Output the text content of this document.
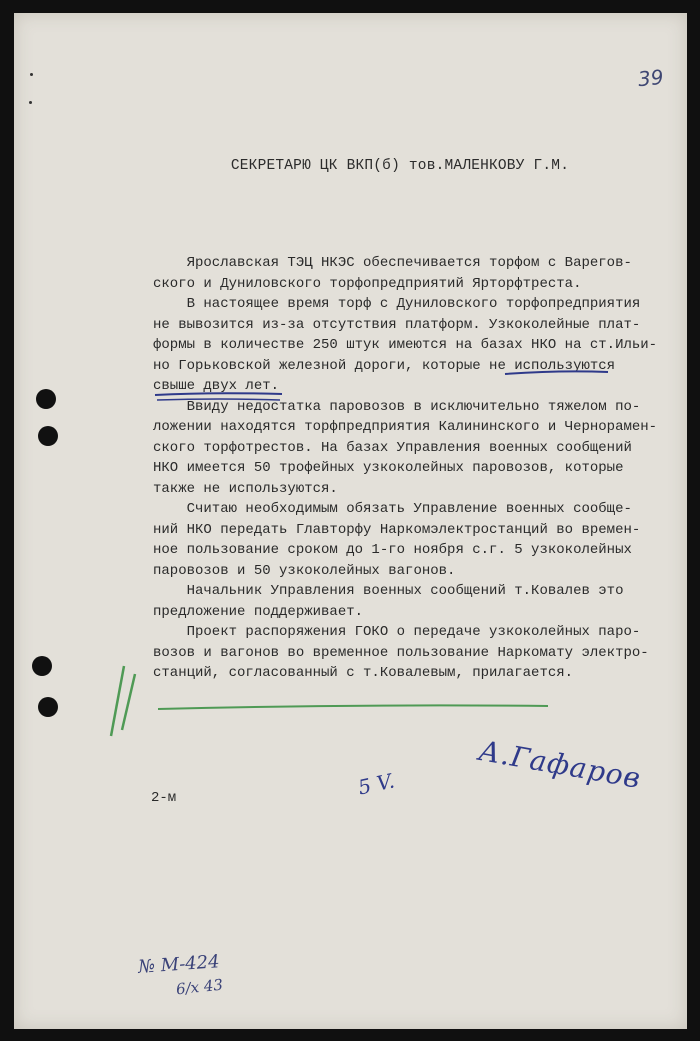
39
СЕКРЕТАРЮ ЦК ВКП(б) тов.МАЛЕНКОВУ Г.М.

Ярославская ТЭЦ НКЭС обеспечивается торфом с Варегов-

ского и Дуниловского торфопредприятий Ярторфтреста.

В настоящее время торф с Дуниловского торфопредприятия

не вывозится из-за отсутствия платформ. Узкоколейные плат-

формы в количестве 250 штук имеются на базах НКО на ст.Ильи-

но Горьковской железной дороги, которые не используются

свыше двух лет.

Ввиду недостатка паровозов в исключительно тяжелом по-

ложении находятся торфпредприятия Калининского и Чернорамен-

ского торфотрестов. На базах Управления военных сообщений

НКО имеется 50 трофейных узкоколейных паровозов, которые

также не используются.

Считаю необходимым обязать Управление военных сообще-

ний НКО передать Главторфу Наркомэлектростанций во времен-

ное пользование сроком до 1-го ноября с.г. 5 узкоколейных

паровозов и 50 узкоколейных вагонов.

Начальник Управления военных сообщений т.Ковалев это

предложение поддерживает.

Проект распоряжения ГОКО о передаче узкоколейных паро-

возов и вагонов во временное пользование Наркомату электро-

станций, согласованный с т.Ковалевым, прилагается.

А.Гафаров
5 V.
2-м
№ М-424
6/х 43
